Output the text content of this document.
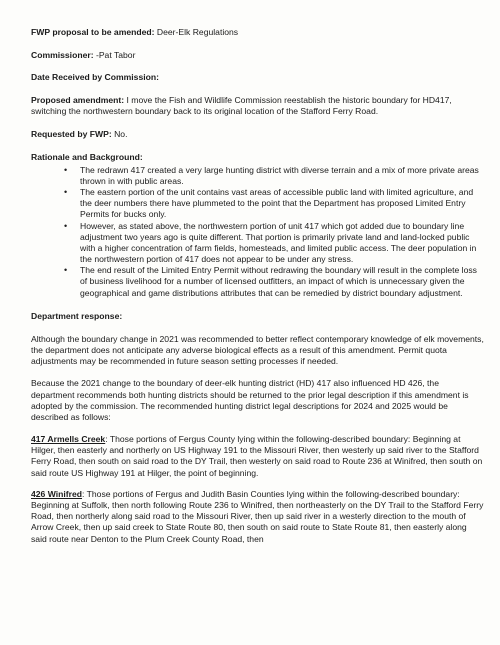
FWP proposal to be amended: Deer-Elk Regulations

Commissioner: -Pat Tabor

Date Received by Commission:

Proposed amendment: I move the Fish and Wildlife Commission reestablish the historic boundary for HD417, switching the northwestern boundary back to its original location of the Stafford Ferry Road.

Requested by FWP: No.

Rationale and Background:

• The redrawn 417 created a very large hunting district with diverse terrain and a mix of more private areas thrown in with public areas.
• The eastern portion of the unit contains vast areas of accessible public land with limited agriculture, and the deer numbers there have plummeted to the point that the Department has proposed Limited Entry Permits for bucks only.
• However, as stated above, the northwestern portion of unit 417 which got added due to boundary line adjustment two years ago is quite different. That portion is primarily private land and land-locked public with a higher concentration of farm fields, homesteads, and limited public access. The deer population in the northwestern portion of 417 does not appear to be under any stress.
• The end result of the Limited Entry Permit without redrawing the boundary will result in the complete loss of business livelihood for a number of licensed outfitters, an impact of which is unnecessary given the geographical and game distributions attributes that can be remedied by district boundary adjustment.

Department response:

Although the boundary change in 2021 was recommended to better reflect contemporary knowledge of elk movements, the department does not anticipate any adverse biological effects as a result of this amendment. Permit quota adjustments may be recommended in future season setting processes if needed.

Because the 2021 change to the boundary of deer-elk hunting district (HD) 417 also influenced HD 426, the department recommends both hunting districts should be returned to the prior legal description if this amendment is adopted by the commission. The recommended hunting district legal descriptions for 2024 and 2025 would be described as follows:

417 Armells Creek: Those portions of Fergus County lying within the following-described boundary: Beginning at Hilger, then easterly and northerly on US Highway 191 to the Missouri River, then westerly up said river to the Stafford Ferry Road, then south on said road to the DY Trail, then westerly on said road to Route 236 at Winifred, then south on said route US Highway 191 at Hilger, the point of beginning.

426 Winifred: Those portions of Fergus and Judith Basin Counties lying within the following-described boundary: Beginning at Suffolk, then north following Route 236 to Winifred, then northeasterly on the DY Trail to the Stafford Ferry Road, then northerly along said road to the Missouri River, then up said river in a westerly direction to the mouth of Arrow Creek, then up said creek to State Route 80, then south on said route to State Route 81, then easterly along said route near Denton to the Plum Creek County Road, then
